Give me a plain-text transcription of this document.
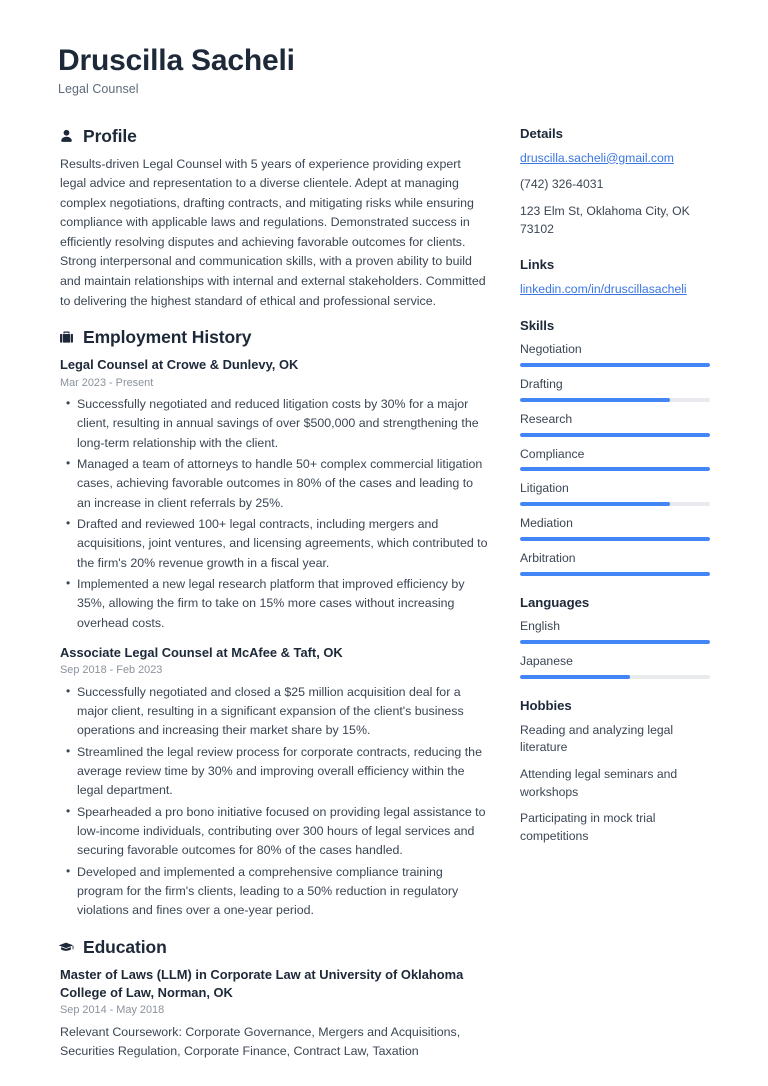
Druscilla Sacheli
Legal Counsel
Profile

Results-driven Legal Counsel with 5 years of experience providing expert legal advice and representation to a diverse clientele. Adept at managing complex negotiations, drafting contracts, and mitigating risks while ensuring compliance with applicable laws and regulations. Demonstrated success in efficiently resolving disputes and achieving favorable outcomes for clients. Strong interpersonal and communication skills, with a proven ability to build and maintain relationships with internal and external stakeholders. Committed to delivering the highest standard of ethical and professional service.

Employment History
Legal Counsel at Crowe & Dunlevy, OK
Mar 2023 - Present
• Successfully negotiated and reduced litigation costs by 30% for a major client, resulting in annual savings of over $500,000 and strengthening the long-term relationship with the client.
• Managed a team of attorneys to handle 50+ complex commercial litigation cases, achieving favorable outcomes in 80% of the cases and leading to an increase in client referrals by 25%.
• Drafted and reviewed 100+ legal contracts, including mergers and acquisitions, joint ventures, and licensing agreements, which contributed to the firm's 20% revenue growth in a fiscal year.
• Implemented a new legal research platform that improved efficiency by 35%, allowing the firm to take on 15% more cases without increasing overhead costs.
Associate Legal Counsel at McAfee & Taft, OK
Sep 2018 - Feb 2023
• Successfully negotiated and closed a $25 million acquisition deal for a major client, resulting in a significant expansion of the client's business operations and increasing their market share by 15%.
• Streamlined the legal review process for corporate contracts, reducing the average review time by 30% and improving overall efficiency within the legal department.
• Spearheaded a pro bono initiative focused on providing legal assistance to low-income individuals, contributing over 300 hours of legal services and securing favorable outcomes for 80% of the cases handled.
• Developed and implemented a comprehensive compliance training program for the firm's clients, leading to a 50% reduction in regulatory violations and fines over a one-year period.
Education
Master of Laws (LLM) in Corporate Law at University of Oklahoma College of Law, Norman, OK
Sep 2014 - May 2018

Relevant Coursework: Corporate Governance, Mergers and Acquisitions, Securities Regulation, Corporate Finance, Contract Law, Taxation

Details
druscilla.sacheli@gmail.com
(742) 326-4031
123 Elm St, Oklahoma City, OK 73102
Links
linkedin.com/in/druscillasacheli
Skills
Negotiation
Drafting
Research
Compliance
Litigation
Mediation
Arbitration
Languages
English
Japanese
Hobbies
Reading and analyzing legal literature
Attending legal seminars and workshops
Participating in mock trial competitions
